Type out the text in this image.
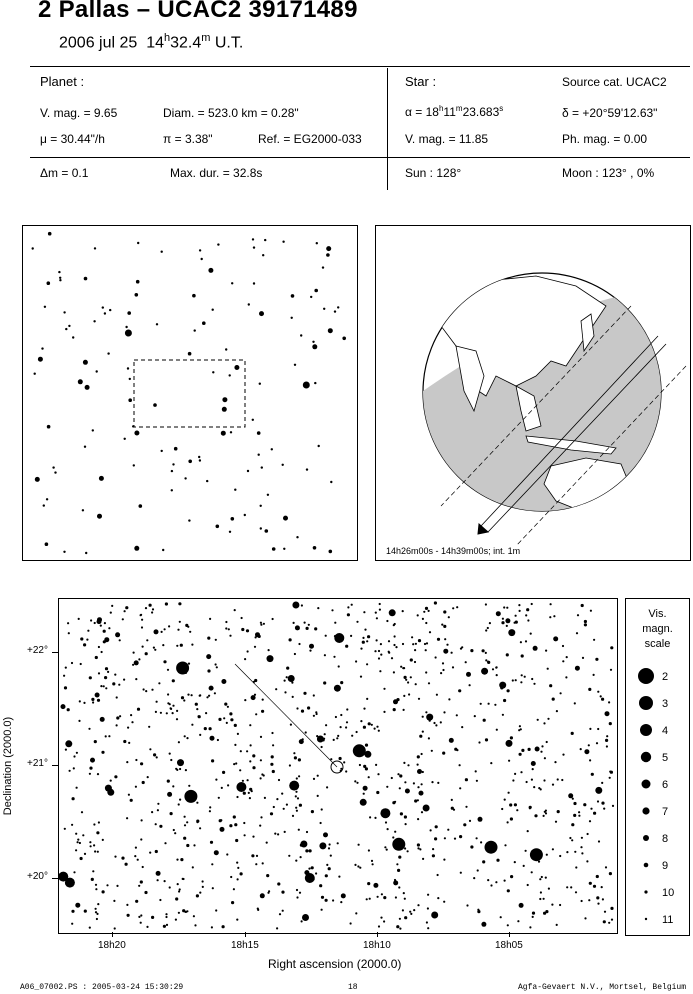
2 Pallas – UCAC2 39171489
2006 jul 25 14$^h$32.4$^m$ U.T.
Planet :
V. mag. = 9.65	Diam. = 523.0 km = 0.28"
μ = 30.44"/h	π = 3.38"	Ref. = EG2000-033
Star :	Source cat. UCAC2
$\alpha = 18^h11^m23.683^s$	δ = +20°59'12.63"
V. mag. = 11.85	Ph. mag. = 0.00
Δm = 0.1	Max. dur. = 32.8s	Sun : 128°	Moon : 123° , 0%
14h26m00s - 14h39m00s; int. 1m
+22°
+21°
+20°
18h20	18h15	18h10	18h05
Right ascension (2000.0)
Declination (2000.0)
2
3
4
5
6
7
8
9
10
11
Vis.
magn.
scale
A06_07002.PS : 2005-03-24 15:30:29	18	Agfa-Gevaert N.V., Mortsel, Belgium
